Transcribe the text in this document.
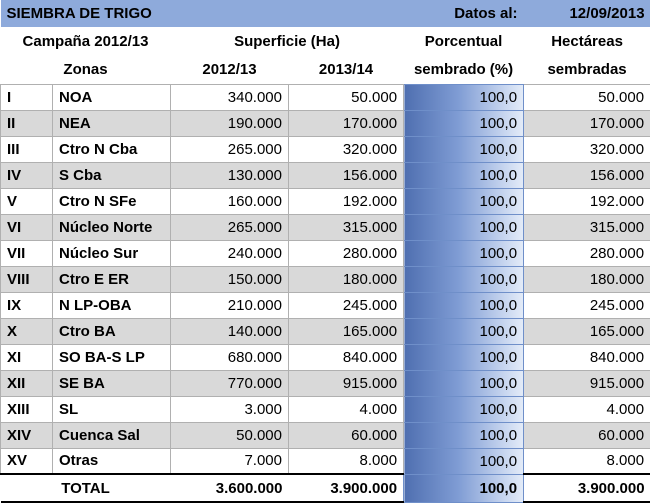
SIEMBRA DE TRIGO				Datos al:	12/09/2013
Campaña 2012/13		Superficie (Ha)		Porcentual	Hectáreas
Zonas		2012/13	2013/14	sembrado (%)	sembradas
I	NOA	340.000	50.000	100,0	50.000
II	NEA	190.000	170.000	100,0	170.000
III	Ctro N Cba	265.000	320.000	100,0	320.000
IV	S Cba	130.000	156.000	100,0	156.000
V	Ctro N SFe	160.000	192.000	100,0	192.000
VI	Núcleo Norte	265.000	315.000	100,0	315.000
VII	Núcleo Sur	240.000	280.000	100,0	280.000
VIII	Ctro E ER	150.000	180.000	100,0	180.000
IX	N LP-OBA	210.000	245.000	100,0	245.000
X	Ctro BA	140.000	165.000	100,0	165.000
XI	SO BA-S LP	680.000	840.000	100,0	840.000
XII	SE BA	770.000	915.000	100,0	915.000
XIII	SL	3.000	4.000	100,0	4.000
XIV	Cuenca Sal	50.000	60.000	100,0	60.000
XV	Otras	7.000	8.000	100,0	8.000
TOTAL		3.600.000	3.900.000	100,0	3.900.000
